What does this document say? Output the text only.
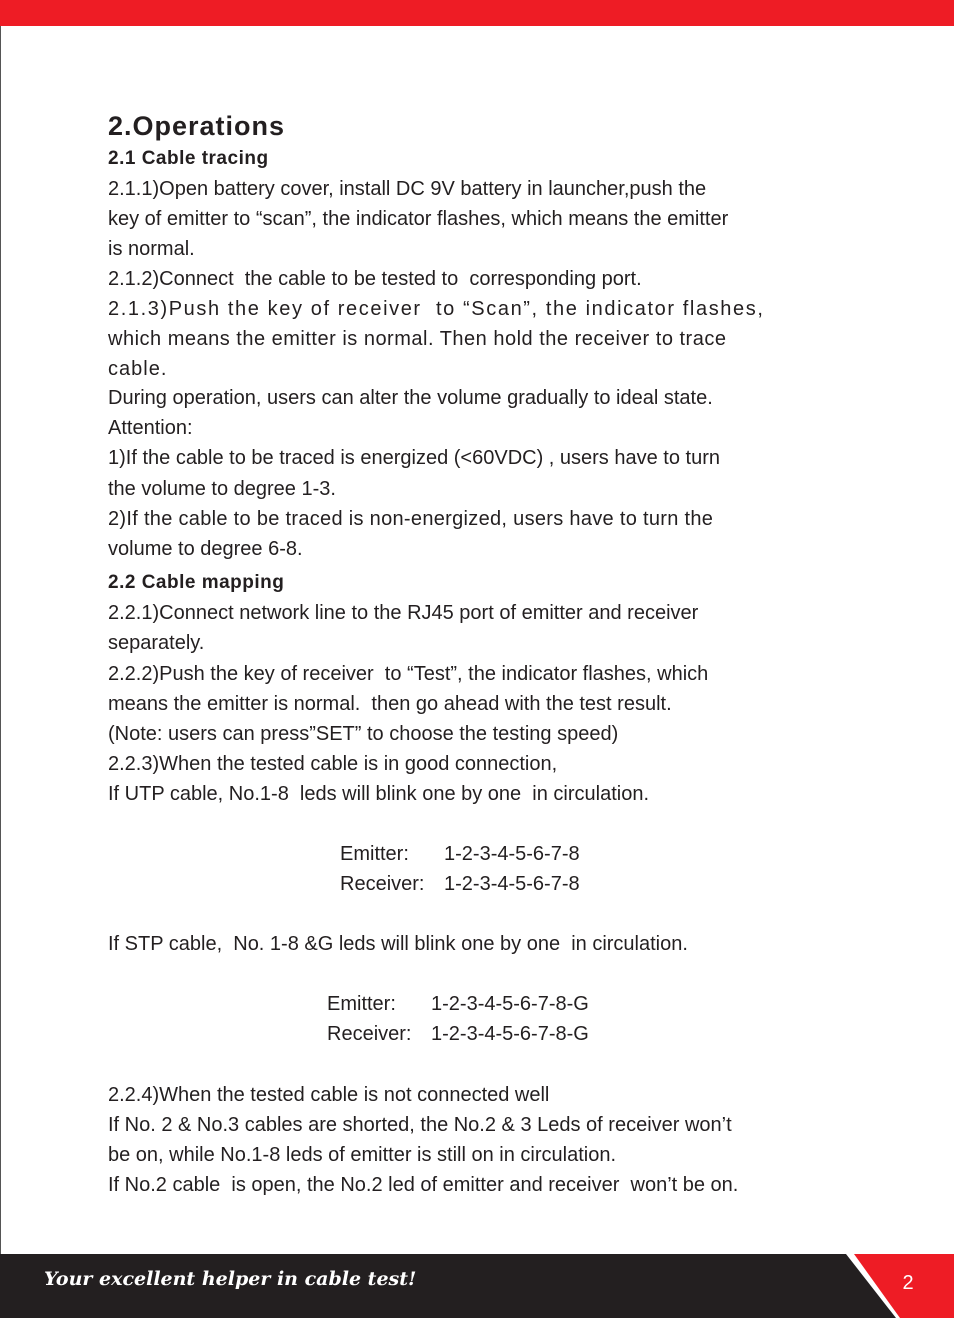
2.Operations
2.1 Cable tracing
2.1.1)Open battery cover, install DC 9V battery in launcher,push the
key of emitter to “scan”, the indicator flashes, which means the emitter
is normal.
2.1.2)Connect  the cable to be tested to  corresponding port.
2.1.3)Push the key of receiver  to “Scan”, the indicator flashes,
which means the emitter is normal. Then hold the receiver to trace
cable.
During operation, users can alter the volume gradually to ideal state.
Attention:
1)If the cable to be traced is energized (<60VDC) , users have to turn
the volume to degree 1-3.
2)If the cable to be traced is non-energized, users have to turn the
volume to degree 6-8.
2.2 Cable mapping
2.2.1)Connect network line to the RJ45 port of emitter and receiver
separately.
2.2.2)Push the key of receiver  to “Test”, the indicator flashes, which
means the emitter is normal.  then go ahead with the test result.
(Note: users can press”SET” to choose the testing speed)
2.2.3)When the tested cable is in good connection,
If UTP cable, No.1-8  leds will blink one by one  in circulation.
Emitter: 1-2-3-4-5-6-7-8
Receiver: 1-2-3-4-5-6-7-8
If STP cable,  No. 1-8 &G leds will blink one by one  in circulation.
Emitter: 1-2-3-4-5-6-7-8-G
Receiver: 1-2-3-4-5-6-7-8-G
2.2.4)When the tested cable is not connected well
If No. 2 & No.3 cables are shorted, the No.2 & 3 Leds of receiver won’t
be on, while No.1-8 leds of emitter is still on in circulation.
If No.2 cable  is open, the No.2 led of emitter and receiver  won’t be on.
Your excellent helper in cable test!	2
